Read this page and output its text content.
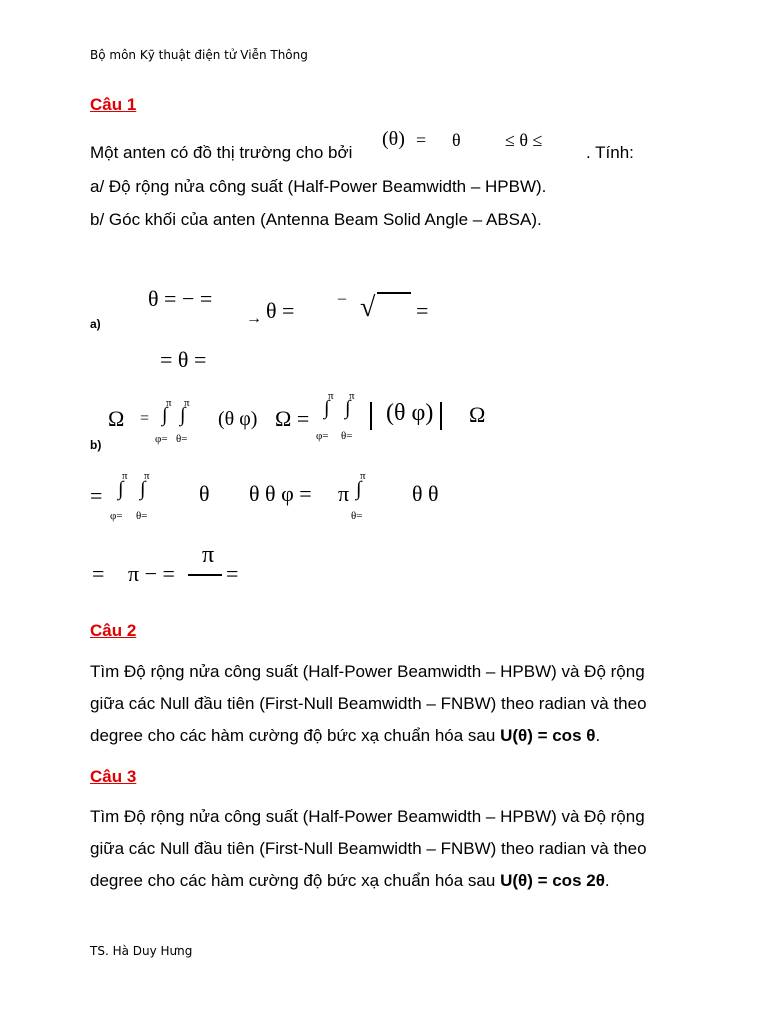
Bộ môn Kỹ thuật điện tử Viễn Thông
Câu 1
Một anten có đồ thị trường cho bởi
(θ) = θ ≤ θ ≤
. Tính:
a/ Độ rộng nửa công suất (Half-Power Beamwidth – HPBW).
b/ Góc khối của anten (Antenna Beam Solid Angle – ABSA).
θ = − =
a)	→ θ =	– √ =
= θ =
Ω =
π
∫
φ=
π
∫
θ=
(θ φ) Ω =
π
∫
φ=
π
∫
θ=
(θ φ) Ω
b)
=
π
∫
φ=
π
∫
θ=
θ θ θ φ = π
π
∫
θ=
θ θ
= π − =
π
=
Câu 2
Tìm Độ rộng nửa công suất (Half-Power Beamwidth – HPBW) và Độ rộng giữa các Null đầu tiên (First-Null Beamwidth – FNBW) theo radian và theo degree cho các hàm cường độ bức xạ chuẩn hóa sau U(θ) = cos θ.
Câu 3
Tìm Độ rộng nửa công suất (Half-Power Beamwidth – HPBW) và Độ rộng giữa các Null đầu tiên (First-Null Beamwidth – FNBW) theo radian và theo degree cho các hàm cường độ bức xạ chuẩn hóa sau U(θ) = cos 2θ.
TS. Hà Duy Hưng
